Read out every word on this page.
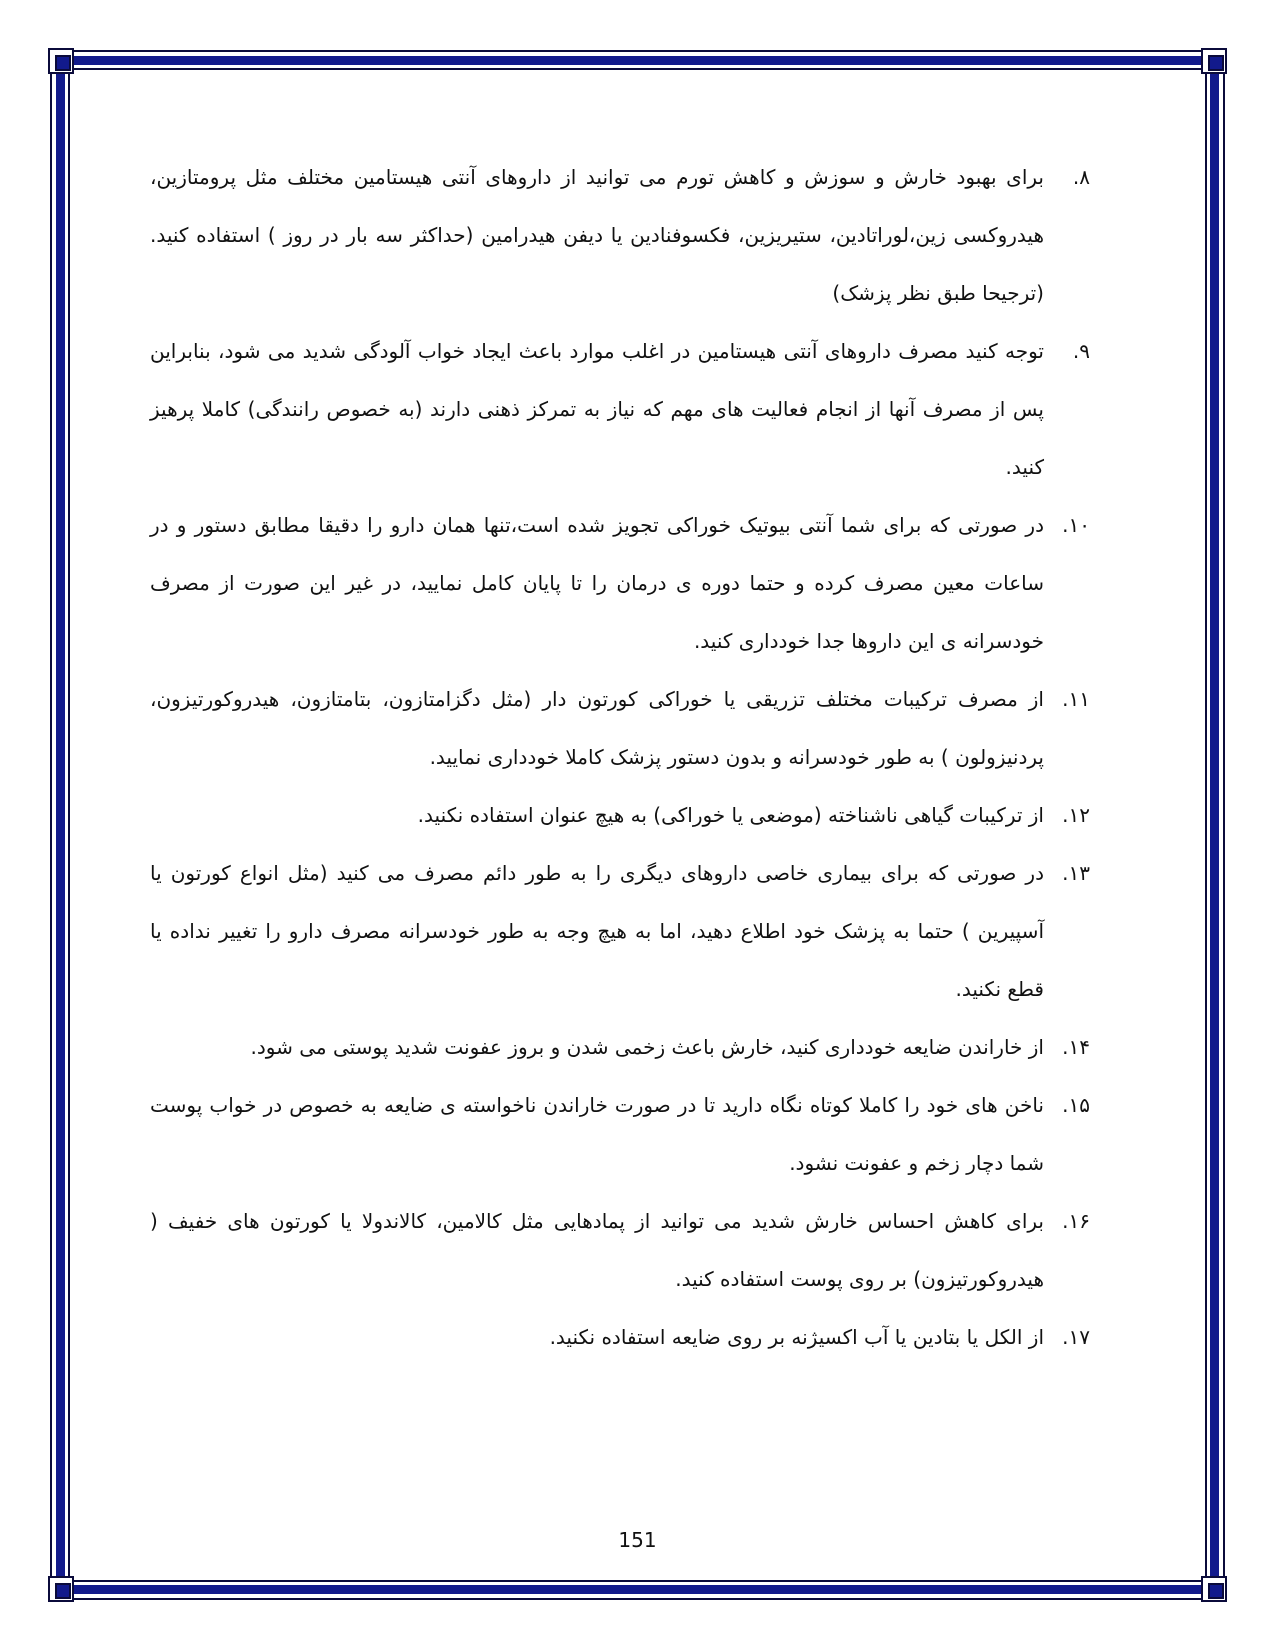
۸.
برای بهبود خارش و سوزش و کاهش تورم می توانید از داروهای آنتی هیستامین مختلف مثل پرومتازین، هیدروکسی زین،لوراتادین، ستیریزین، فکسوفنادین یا دیفن هیدرامین (حداکثر سه بار در روز ) استفاده کنید.(ترجیحا طبق نظر پزشک)
۹.
توجه کنید مصرف داروهای آنتی هیستامین در اغلب موارد باعث ایجاد خواب آلودگی شدید می شود، بنابراین پس از مصرف آنها از انجام فعالیت های مهم که نیاز به تمرکز ذهنی دارند (به خصوص رانندگی) کاملا پرهیز کنید.
۱۰.
در صورتی که برای شما آنتی بیوتیک خوراکی تجویز شده است،تنها همان دارو را دقیقا مطابق دستور و در ساعات معین مصرف کرده و حتما دوره ی درمان را تا پایان کامل نمایید، در غیر این صورت از مصرف خودسرانه ی این داروها جدا خودداری کنید.
۱۱.
از مصرف ترکیبات مختلف تزریقی یا خوراکی کورتون دار (مثل دگزامتازون، بتامتازون، هیدروکورتیزون، پردنیزولون ) به طور خودسرانه و بدون دستور پزشک کاملا خودداری نمایید.
۱۲.
از ترکیبات گیاهی ناشناخته (موضعی یا خوراکی) به هیچ عنوان استفاده نکنید.
۱۳.
در صورتی که برای بیماری خاصی داروهای دیگری را به طور دائم مصرف می کنید (مثل انواع کورتون یا آسپیرین ) حتما به پزشک خود اطلاع دهید، اما به هیچ وجه به طور خودسرانه مصرف دارو را تغییر نداده یا قطع نکنید.
۱۴.
از خاراندن ضایعه خودداری کنید، خارش باعث زخمی شدن و بروز عفونت شدید پوستی می شود.
۱۵.
ناخن های خود را کاملا کوتاه نگاه دارید تا در صورت خاراندن ناخواسته ی ضایعه به خصوص در خواب پوست شما دچار زخم و عفونت نشود.
۱۶.
برای کاهش احساس خارش شدید می توانید از پمادهایی مثل کالامین، کالاندولا یا کورتون های خفیف ( هیدروکورتیزون) بر روی پوست استفاده کنید.
۱۷.
از الکل یا بتادین یا آب اکسیژنه بر روی ضایعه استفاده نکنید.
151
